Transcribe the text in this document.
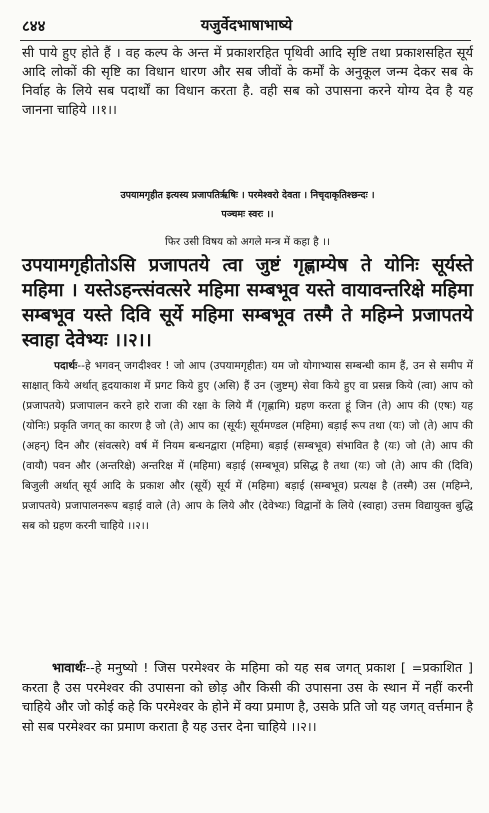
८४४	यजुर्वेदभाषाभाष्ये

सी पाये हुए होते हैं । वह कल्प के अन्त में प्रकाशरहित पृथिवी आदि सृष्टि तथा प्रकाशसहित सूर्य आदि लोकों की सृष्टि का विधान धारण और सब जीवों के कर्मों के अनुकूल जन्म देकर सब के निर्वाह के लिये सब पदार्थों का विधान करता है. वही सब को उपासना करने योग्य देव है यह जानना चाहिये ।।१।।

उपयामगृहीत इत्यस्य प्रजापतिर्ऋषिः । परमेश्वरो देवता । निचृदाकृतिश्छन्दः ।

पञ्चमः स्वरः ।।

फिर उसी विषय को अगले मन्त्र में कहा है ।।

उपयामगृहीतोऽसि प्रजापतये त्वा जुष्टं गृह्णाम्येष ते योनिः सूर्यस्ते महिमा । यस्तेऽहन्त्संवत्सरे महिमा सम्बभूव यस्ते वायावन्तरिक्षे महिमा सम्बभूव यस्ते दिवि सूर्ये महिमा सम्बभूव तस्मै ते महिम्ने प्रजापतये स्वाहा देवेभ्यः ।।२।।

पदार्थः--हे भगवन् जगदीश्वर ! जो आप (उपयामगृहीतः) यम जो योगाभ्यास सम्बन्धी काम हैं, उन से समीप में साक्षात् किये अर्थात् हृदयाकाश में प्रगट किये हुए (असि) हैं उन (जुष्टम्) सेवा किये हुए वा प्रसन्न किये (त्वा) आप को (प्रजापतये) प्रजापालन करने हारे राजा की रक्षा के लिये मैं (गृह्णामि) ग्रहण करता हूं जिन (ते) आप की (एषः) यह (योनिः) प्रकृति जगत् का कारण है जो (ते) आप का (सूर्यः) सूर्यमण्डल (महिमा) बड़ाई रूप तथा (यः) जो (ते) आप की (अहन्) दिन और (संवत्सरे) वर्ष में नियम बन्धनद्वारा (महिमा) बड़ाई (सम्बभूव) संभावित है (यः) जो (ते) आप की (वायौ) पवन और (अन्तरिक्षे) अन्तरिक्ष में (महिमा) बड़ाई (सम्बभूव) प्रसिद्ध है तथा (यः) जो (ते) आप की (दिवि) बिजुली अर्थात् सूर्य आदि के प्रकाश और (सूर्ये) सूर्य में (महिमा) बड़ाई (सम्बभूव) प्रत्यक्ष है (तस्मै) उस (महिम्ने, प्रजापतये) प्रजापालनरूप बड़ाई वाले (ते) आप के लिये और (देवेभ्यः) विद्वानों के लिये (स्वाहा) उत्तम विद्यायुक्त बुद्धि सब को ग्रहण करनी चाहिये ।।२।।

भावार्थः--हे मनुष्यो ! जिस परमेश्वर के महिमा को यह सब जगत् प्रकाश [ =प्रकाशित ] करता है उस परमेश्वर की उपासना को छोड़ और किसी की उपासना उस के स्थान में नहीं करनी चाहिये और जो कोई कहे कि परमेश्वर के होने में क्या प्रमाण है, उसके प्रति जो यह जगत् वर्त्तमान है सो सब परमेश्वर का प्रमाण कराता है यह उत्तर देना चाहिये ।।२।।
